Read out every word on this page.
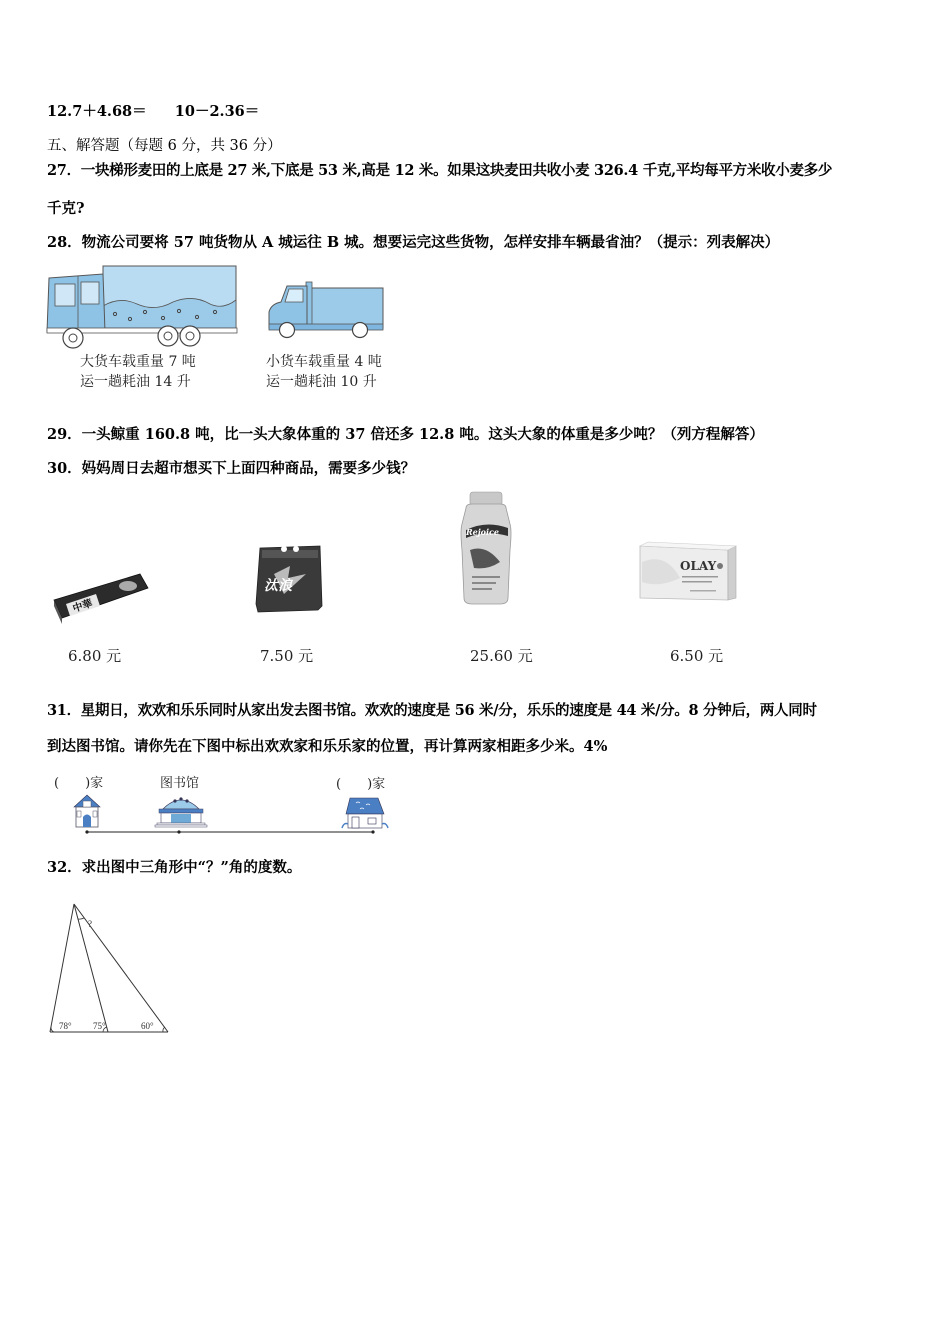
12.7＋4.68＝ 10－2.36＝
五、解答题（每题 6 分，共 36 分）
27．一块梯形麦田的上底是 27 米,下底是 53 米,高是 12 米。如果这块麦田共收小麦 326.4 千克,平均每平方米收小麦多少
千克?
28．物流公司要将 57 吨货物从 A 城运往 B 城。想要运完这些货物，怎样安排车辆最省油？（提示：列表解决）
大货车载重量 7 吨
运一趟耗油 14 升
小货车载重量 4 吨
运一趟耗油 10 升
29．一头鲸重 160.8 吨，比一头大象体重的 37 倍还多 12.8 吨。这头大象的体重是多少吨？（列方程解答）
30．妈妈周日去超市想买下上面四种商品，需要多少钱？
中華
6.80 元
汰浪
7.50 元
Rejoice
25.60 元
OLAY
6.50 元
31．星期日，欢欢和乐乐同时从家出发去图书馆。欢欢的速度是 56 米/分，乐乐的速度是 44 米/分。8 分钟后，两人同时
到达图书馆。请你先在下图中标出欢欢家和乐乐家的位置，再计算两家相距多少米。4%
(　　)家	图书馆	(　　)家
32．求出图中三角形中“？”角的度数。
?
78° 75°	60°
